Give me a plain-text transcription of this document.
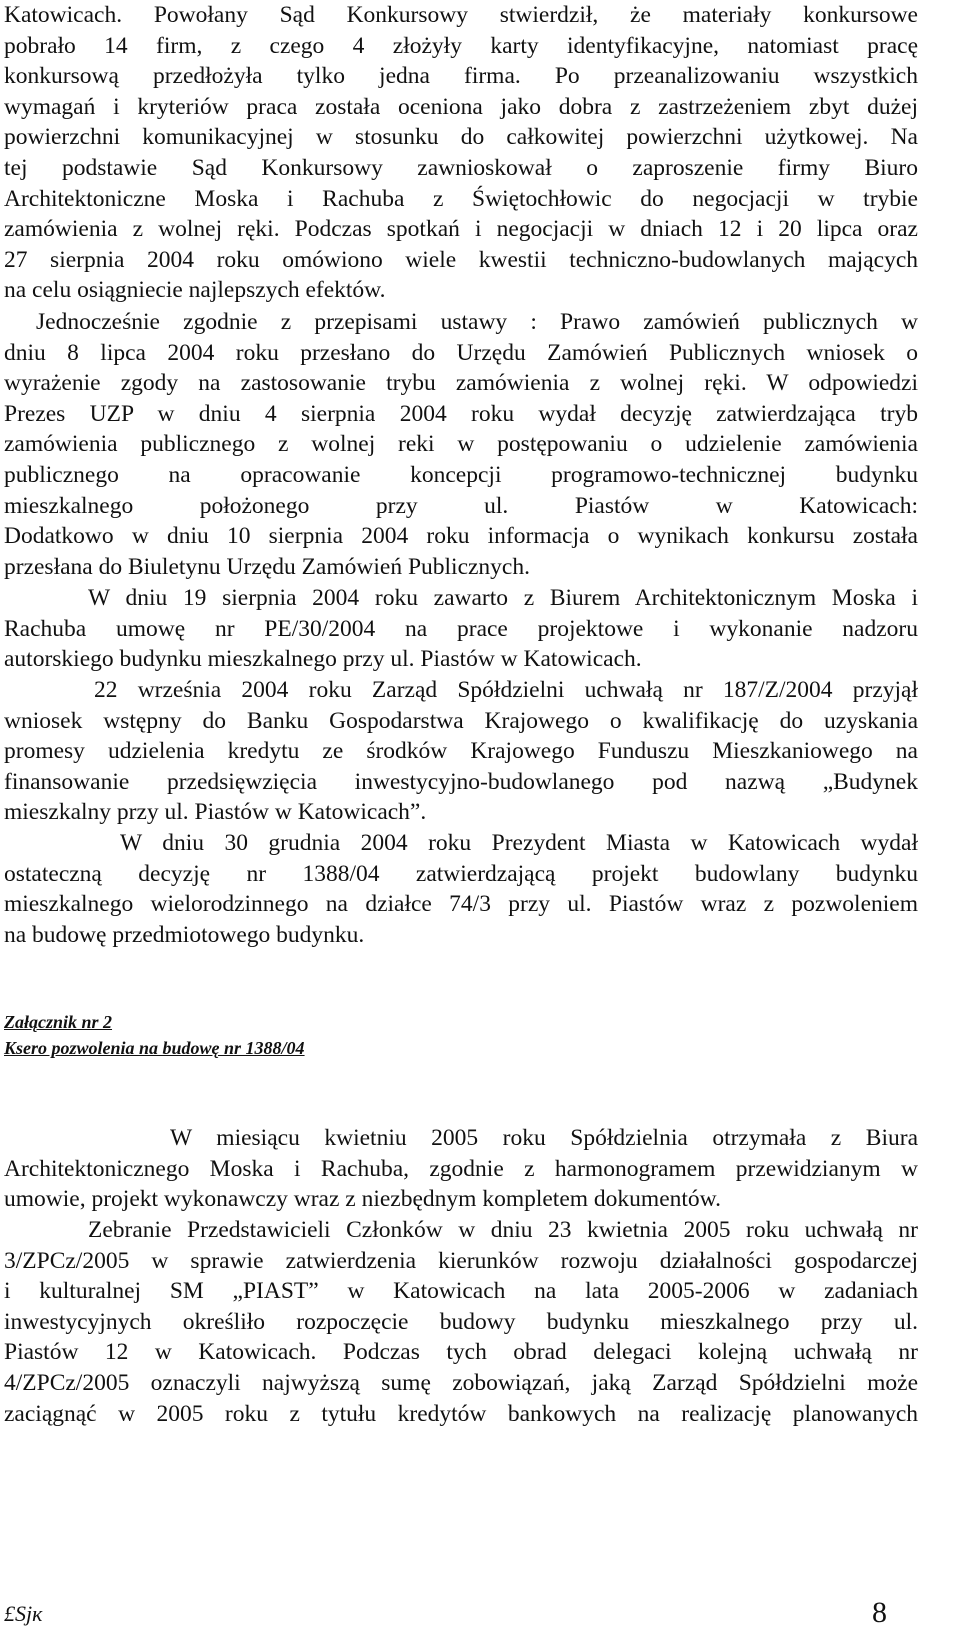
Katowicach. Powołany Sąd Konkursowy stwierdził, że materiały konkursowe
pobrało 14 firm, z czego 4 złożyły karty identyfikacyjne, natomiast pracę
konkursową przedłożyła tylko jedna firma. Po przeanalizowaniu wszystkich
wymagań i kryteriów praca została oceniona jako dobra z zastrzeżeniem zbyt dużej
powierzchni komunikacyjnej w stosunku do całkowitej powierzchni użytkowej. Na
tej podstawie Sąd Konkursowy zawnioskował o zaproszenie firmy Biuro
Architektoniczne Moska i Rachuba z Świętochłowic do negocjacji w trybie
zamówienia z wolnej ręki. Podczas spotkań i negocjacji w dniach 12 i 20 lipca oraz
27 sierpnia 2004 roku omówiono wiele kwestii techniczno-budowlanych mających
na celu osiągniecie najlepszych efektów.
Jednocześnie zgodnie z przepisami ustawy : Prawo zamówień publicznych w
dniu 8 lipca 2004 roku przesłano do Urzędu Zamówień Publicznych wniosek o
wyrażenie zgody na zastosowanie trybu zamówienia z wolnej ręki. W odpowiedzi
Prezes UZP w dniu 4 sierpnia 2004 roku wydał decyzję zatwierdzająca tryb
zamówienia publicznego z wolnej reki w postępowaniu o udzielenie zamówienia
publicznego na opracowanie koncepcji programowo-technicznej budynku
mieszkalnego położonego przy ul. Piastów w Katowicach:
Dodatkowo w dniu 10 sierpnia 2004 roku informacja o wynikach konkursu została
przesłana do Biuletynu Urzędu Zamówień Publicznych.
W dniu 19 sierpnia 2004 roku zawarto z Biurem Architektonicznym Moska i
Rachuba umowę nr PE/30/2004 na prace projektowe i wykonanie nadzoru
autorskiego budynku mieszkalnego przy ul. Piastów w Katowicach.
22 września 2004 roku Zarząd Spółdzielni uchwałą nr 187/Z/2004 przyjął
wniosek wstępny do Banku Gospodarstwa Krajowego o kwalifikację do uzyskania
promesy udzielenia kredytu ze środków Krajowego Funduszu Mieszkaniowego na
finansowanie przedsięwzięcia inwestycyjno-budowlanego pod nazwą „Budynek
mieszkalny przy ul. Piastów w Katowicach”.
W dniu 30 grudnia 2004 roku Prezydent Miasta w Katowicach wydał
ostateczną decyzję nr 1388/04 zatwierdzającą projekt budowlany budynku
mieszkalnego wielorodzinnego na działce 74/3 przy ul. Piastów wraz z pozwoleniem
na budowę przedmiotowego budynku.
Załącznik nr 2
Kserо pozwolenia na budowę nr 1388/04
W miesiącu kwietniu 2005 roku Spółdzielnia otrzymała z Biura
Architektonicznego Moska i Rachuba, zgodnie z harmonogramem przewidzianym w
umowie, projekt wykonawczy wraz z niezbędnym kompletem dokumentów.
Zebranie Przedstawicieli Członków w dniu 23 kwietnia 2005 roku uchwałą nr
3/ZPCz/2005 w sprawie zatwierdzenia kierunków rozwoju działalności gospodarczej
i kulturalnej SM „PIAST” w Katowicach na lata 2005-2006 w zadaniach
inwestycyjnych określiło rozpoczęcie budowy budynku mieszkalnego przy ul.
Piastów 12 w Katowicach. Podczas tych obrad delegaci kolejną uchwałą nr
4/ZPCz/2005 oznaczyli najwyższą sumę zobowiązań, jaką Zarząd Spółdzielni może
zaciągnąć w 2005 roku z tytułu kredytów bankowych na realizację planowanych
£Sjк	8
